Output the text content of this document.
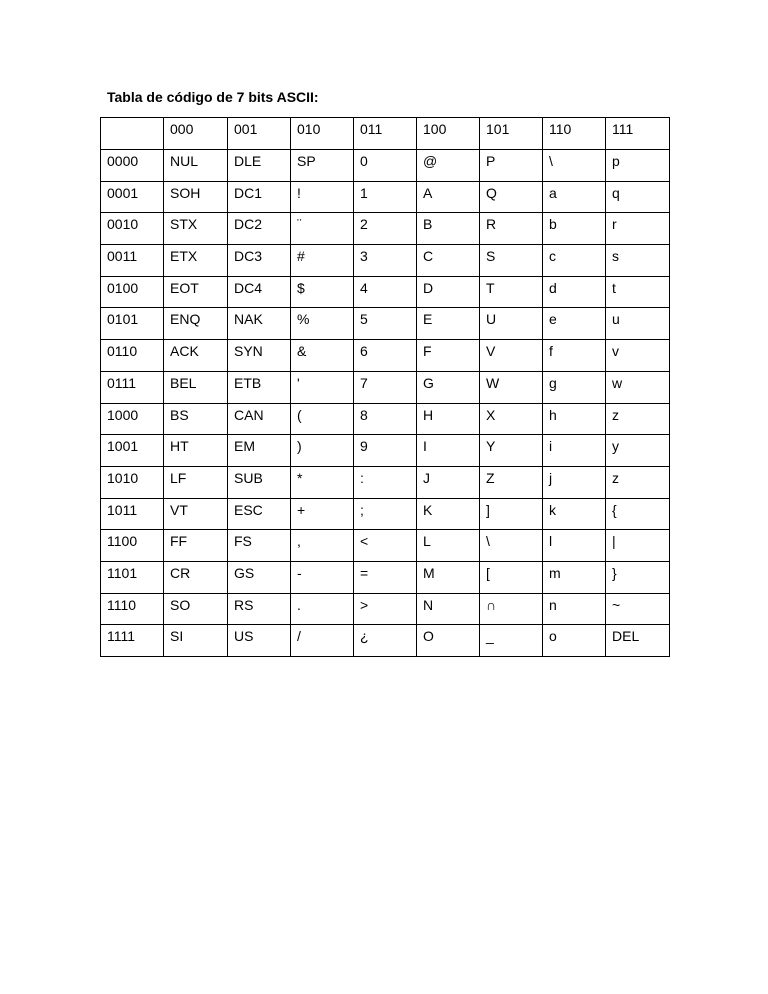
Tabla de código de 7 bits ASCII:
	000	001	010	011	100	101	110	111
0000	NUL	DLE	SP	0	@	P	\	p
0001	SOH	DC1	!	1	A	Q	a	q
0010	STX	DC2	¨	2	B	R	b	r
0011	ETX	DC3	#	3	C	S	c	s
0100	EOT	DC4	$	4	D	T	d	t
0101	ENQ	NAK	%	5	E	U	e	u
0110	ACK	SYN	&	6	F	V	f	v
0111	BEL	ETB	'	7	G	W	g	w
1000	BS	CAN	(	8	H	X	h	z
1001	HT	EM	)	9	I	Y	i	y
1010	LF	SUB	*	:	J	Z	j	z
1011	VT	ESC	+	;	K	]	k	{
1100	FF	FS	,	<	L	\	l	|
1101	CR	GS	-	=	M	[	m	}
1110	SO	RS	.	>	N	∩	n	~
1111	SI	US	/	¿	O	_	o	DEL
